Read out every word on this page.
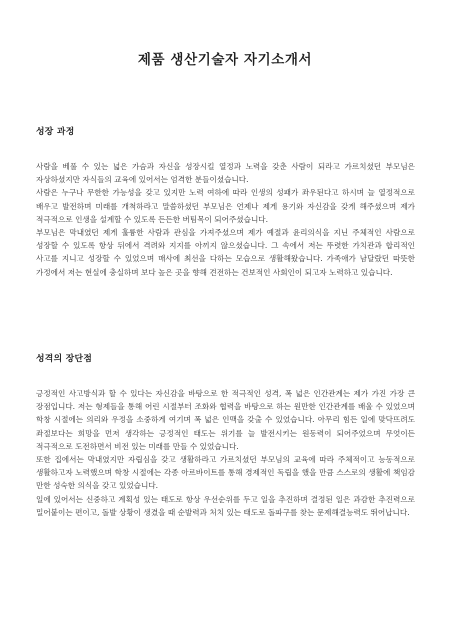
제품 생산기술자 자기소개서
성장 과정

사람을 베풀 수 있는 넓은 가슴과 자신을 성장시킬 열정과 노력을 갖춘 사람이 되라고 가르치셨던 부모님은 자상하셨지만 자식들의 교육에 있어서는 엄격한 분들이셨습니다.

사람은 누구나 무한한 가능성을 갖고 있지만 노력 여하에 따라 인생의 성패가 좌우된다고 하시며 늘 열정적으로 배우고 발전하며 미래를 개척하라고 말씀하셨던 부모님은 언제나 제게 용기와 자신감을 갖게 해주셨으며 제가 적극적으로 인생을 설계할 수 있도록 든든한 버팀목이 되어주셨습니다.

부모님은 막내였던 제게 훌륭한 사람과 관심을 가져주셨으며 제가 예절과 윤리의식을 지닌 주체적인 사람으로 성장할 수 있도록 항상 뒤에서 격려와 지지를 아끼지 않으셨습니다. 그 속에서 저는 뚜렷한 가치관과 합리적인 사고를 지니고 성장할 수 있었으며 매사에 최선을 다하는 모습으로 생활해왔습니다. 가족애가 남달랐던 따뜻한 가정에서 저는 현실에 충실하며 보다 높은 곳을 향해 견전하는 건보적인 사회인이 되고자 노력하고 있습니다.

성격의 장단점

긍정적인 사고방식과 할 수 있다는 자신감을 바탕으로 한 적극적인 성격, 폭 넓은 인간관계는 제가 가진 가장 큰 장점입니다. 저는 형제들을 통해 어린 시절부터 조화와 협력을 바탕으로 하는 원만한 인간관계를 배울 수 있었으며 학창 시절에는 의리와 우정을 소중하게 여기며 폭 넓은 인맥을 갖출 수 있었습니다. 아무리 힘든 일에 맞닥뜨려도 좌절보다는 희망을 먼저 생각하는 긍정적인 태도는 위기를 늘 발전시키는 원동력이 되어주었으며 무엇이든 적극적으로 도전하면서 비전 있는 미래를 만들 수 있었습니다.

또한 집에서는 막내였지만 자립심을 갖고 생활하라고 가르치셨던 부모님의 교육에 따라 주체적이고 능동적으로 생활하고자 노력했으며 학창 시절에는 각종 아르바이트를 통해 경제적인 독립을 했을 만큼 스스로의 생활에 책임감 만한 성숙한 의식을 갖고 있었습니다.

일에 있어서는 신중하고 계획성 있는 태도로 항상 우선순위를 두고 일을 추진하며 결정된 일은 과감한 추진력으로 밀어붙이는 편이고, 돌발 상황이 생겼을 때 순발력과 처치 있는 태도로 돌파구를 찾는 문제해결능력도 뛰어납니다.
